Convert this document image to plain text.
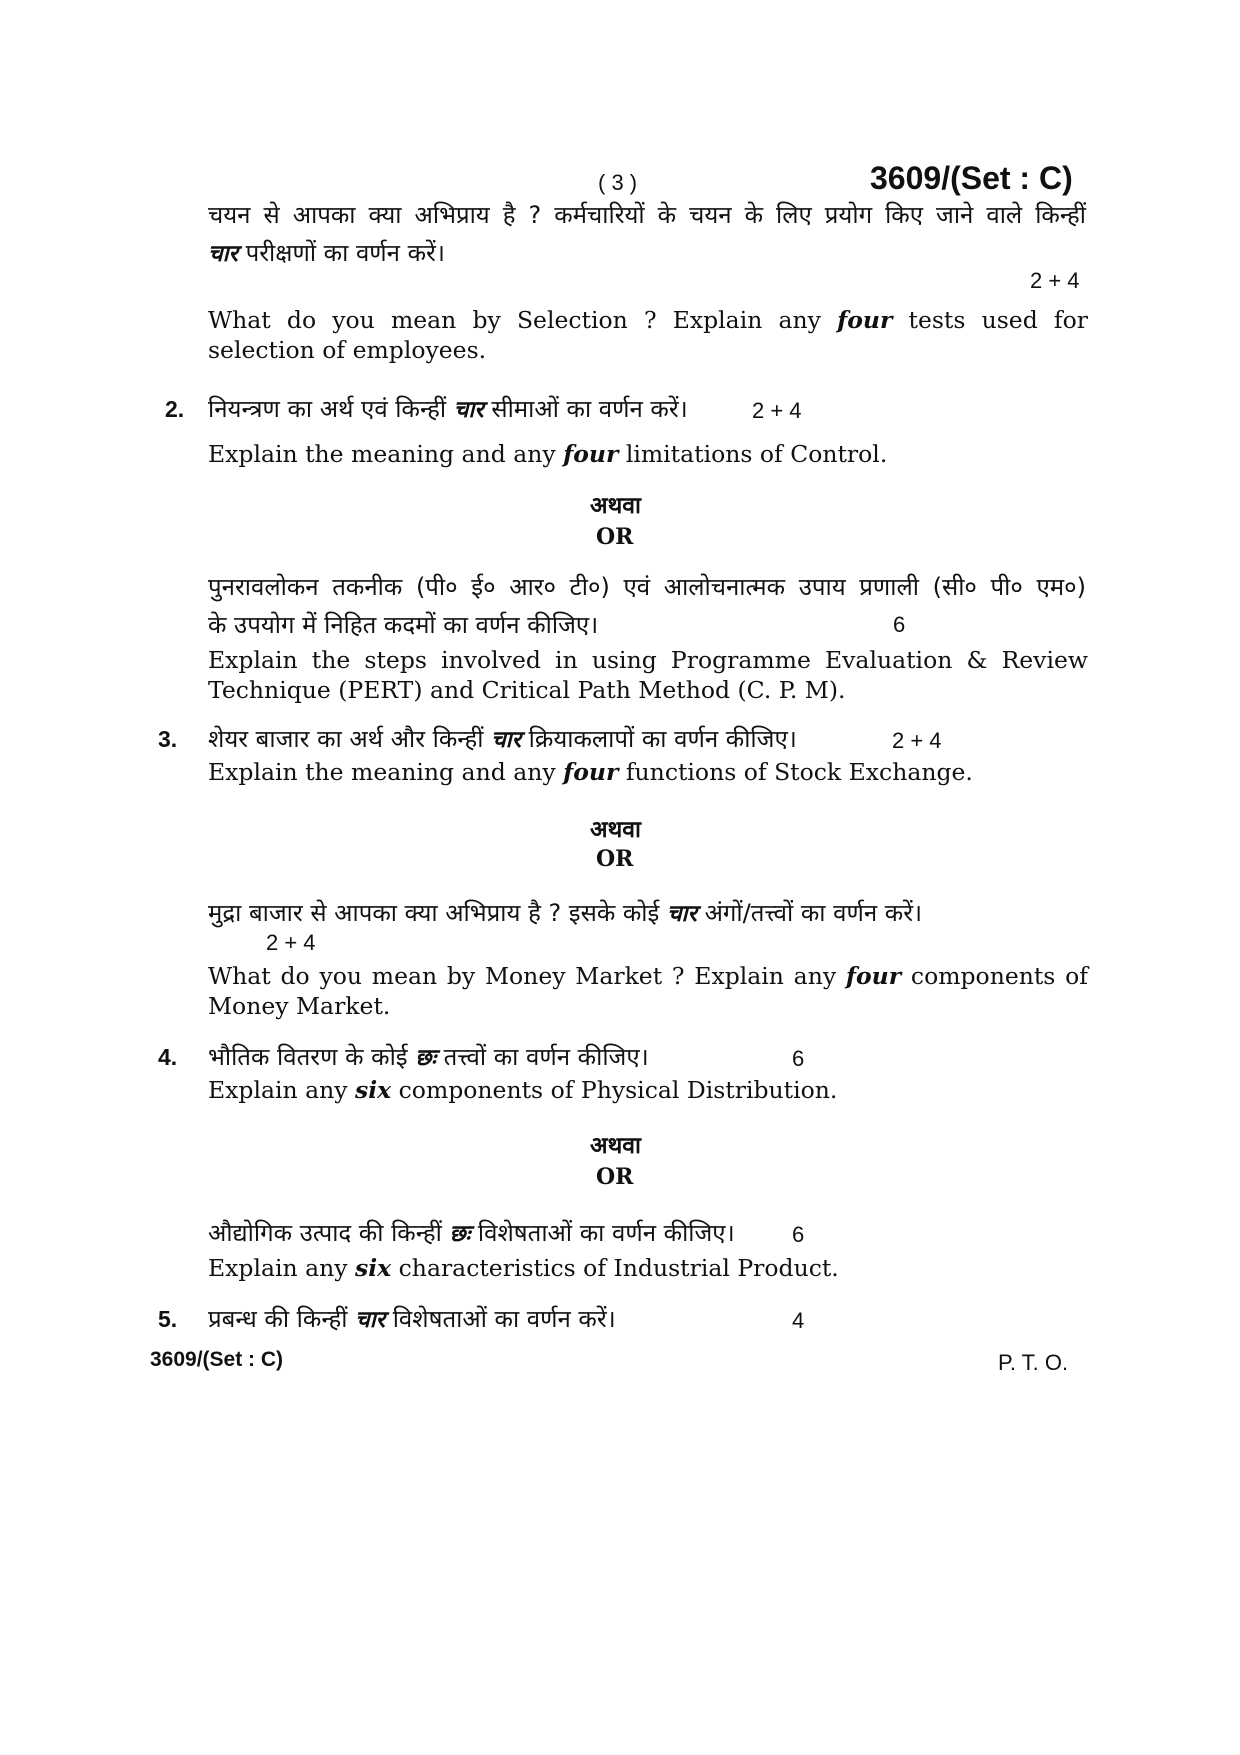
( 3 )	3609/(Set : C)
चयन से आपका क्या अभिप्राय है ? कर्मचारियों के चयन के लिए प्रयोग किए जाने वाले किन्हीं
चार परीक्षणों का वर्णन करें।
2 + 4
What do you mean by Selection ? Explain any four tests used for
selection of employees.
2. नियन्त्रण का अर्थ एवं किन्हीं चार सीमाओं का वर्णन करें।	2 + 4
Explain the meaning and any four limitations of Control.
अथवा
OR
पुनरावलोकन तकनीक (पी० ई० आर० टी०) एवं आलोचनात्मक उपाय प्रणाली (सी० पी० एम०)
के उपयोग में निहित कदमों का वर्णन कीजिए।	6
Explain the steps involved in using Programme Evaluation & Review
Technique (PERT) and Critical Path Method (C. P. M).
3. शेयर बाजार का अर्थ और किन्हीं चार क्रियाकलापों का वर्णन कीजिए।	2 + 4
Explain the meaning and any four functions of Stock Exchange.
अथवा
OR
मुद्रा बाजार से आपका क्या अभिप्राय है ? इसके कोई चार अंगों/तत्त्वों का वर्णन करें।
2 + 4
What do you mean by Money Market ? Explain any four components of
Money Market.
4. भौतिक वितरण के कोई छः तत्त्वों का वर्णन कीजिए।	6
Explain any six components of Physical Distribution.
अथवा
OR
औद्योगिक उत्पाद की किन्हीं छः विशेषताओं का वर्णन कीजिए।	6
Explain any six characteristics of Industrial Product.
5. प्रबन्ध की किन्हीं चार विशेषताओं का वर्णन करें।	4
3609/(Set : C)	P. T. O.
